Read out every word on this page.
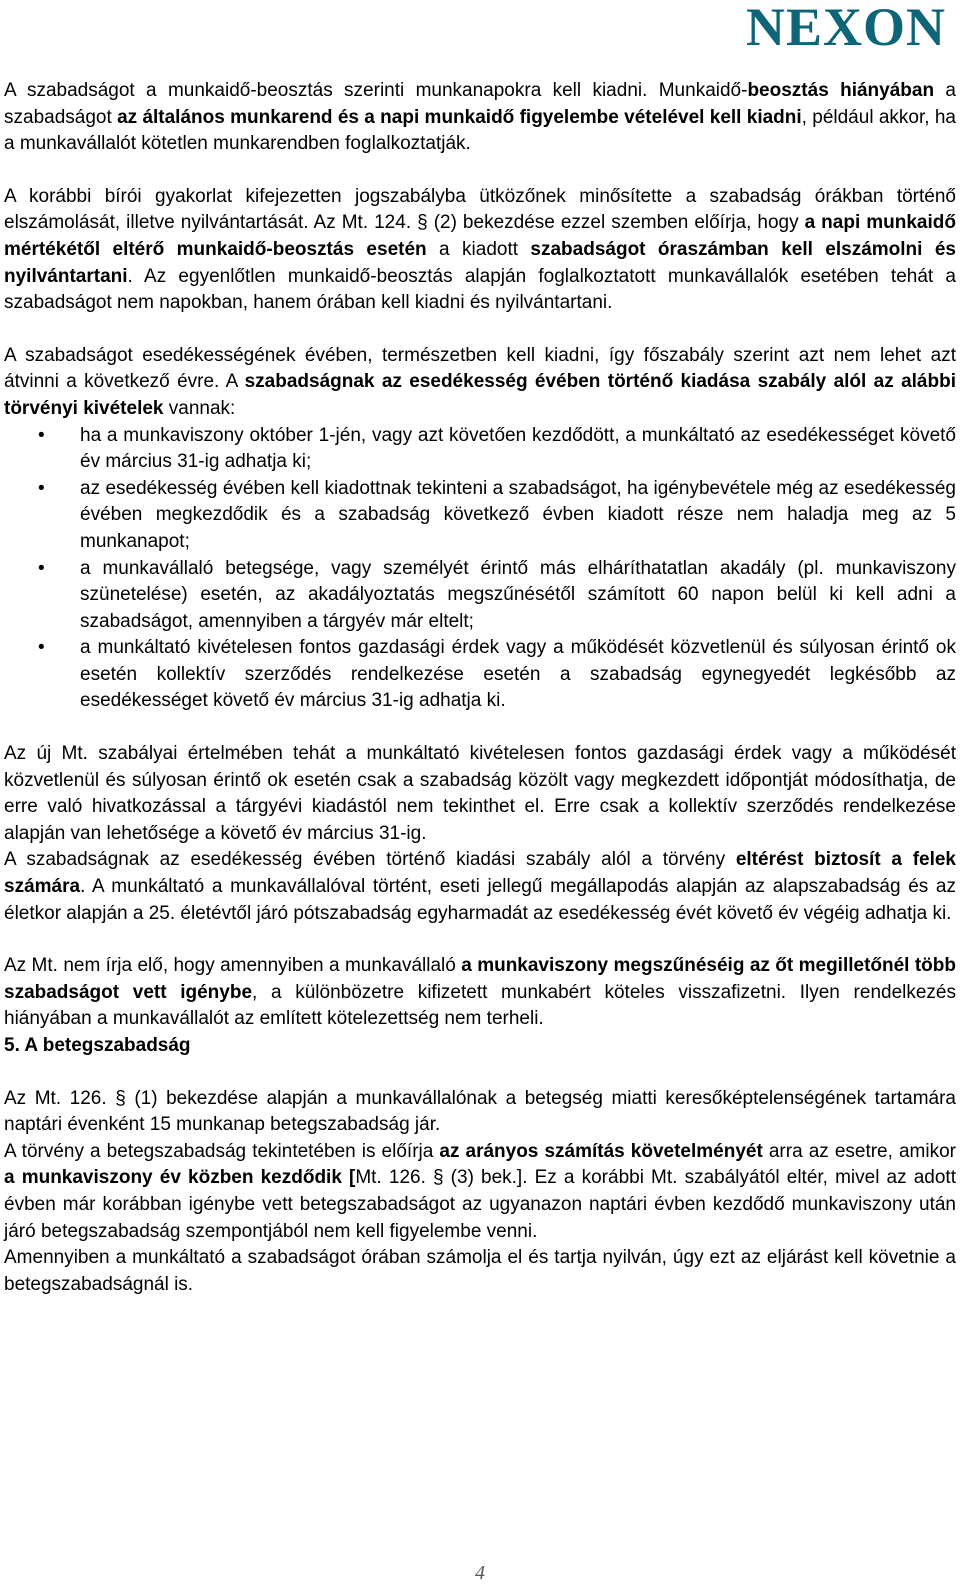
NEXON

A szabadságot a munkaidő-beosztás szerinti munkanapokra kell kiadni. Munkaidő-beosztás hiányában a szabadságot az általános munkarend és a napi munkaidő figyelembe vételével kell kiadni, például akkor, ha a munkavállalót kötetlen munkarendben foglalkoztatják.

A korábbi bírói gyakorlat kifejezetten jogszabályba ütközőnek minősítette a szabadság órákban történő elszámolását, illetve nyilvántartását. Az Mt. 124. § (2) bekezdése ezzel szemben előírja, hogy a napi munkaidő mértékétől eltérő munkaidő-beosztás esetén a kiadott szabadságot óraszámban kell elszámolni és nyilvántartani. Az egyenlőtlen munkaidő-beosztás alapján foglalkoztatott munkavállalók esetében tehát a szabadságot nem napokban, hanem órában kell kiadni és nyilvántartani.

A szabadságot esedékességének évében, természetben kell kiadni, így főszabály szerint azt nem lehet azt átvinni a következő évre. A szabadságnak az esedékesség évében történő kiadása szabály alól az alábbi törvényi kivételek vannak:

• ha a munkaviszony október 1-jén, vagy azt követően kezdődött, a munkáltató az esedékességet követő év március 31-ig adhatja ki;
• az esedékesség évében kell kiadottnak tekinteni a szabadságot, ha igénybevétele még az esedékesség évében megkezdődik és a szabadság következő évben kiadott része nem haladja meg az 5 munkanapot;
• a munkavállaló betegsége, vagy személyét érintő más elháríthatatlan akadály (pl. munkaviszony szünetelése) esetén, az akadályoztatás megszűnésétől számított 60 napon belül ki kell adni a szabadságot, amennyiben a tárgyév már eltelt;
• a munkáltató kivételesen fontos gazdasági érdek vagy a működését közvetlenül és súlyosan érintő ok esetén kollektív szerződés rendelkezése esetén a szabadság egynegyedét legkésőbb az esedékességet követő év március 31-ig adhatja ki.

Az új Mt. szabályai értelmében tehát a munkáltató kivételesen fontos gazdasági érdek vagy a működését közvetlenül és súlyosan érintő ok esetén csak a szabadság közölt vagy megkezdett időpontját módosíthatja, de erre való hivatkozással a tárgyévi kiadástól nem tekinthet el. Erre csak a kollektív szerződés rendelkezése alapján van lehetősége a követő év március 31-ig.

A szabadságnak az esedékesség évében történő kiadási szabály alól a törvény eltérést biztosít a felek számára. A munkáltató a munkavállalóval történt, eseti jellegű megállapodás alapján az alapszabadság és az életkor alapján a 25. életévtől járó pótszabadság egyharmadát az esedékesség évét követő év végéig adhatja ki.

Az Mt. nem írja elő, hogy amennyiben a munkavállaló a munkaviszony megszűnéséig az őt megilletőnél több szabadságot vett igénybe, a különbözetre kifizetett munkabért köteles visszafizetni. Ilyen rendelkezés hiányában a munkavállalót az említett kötelezettség nem terheli.

5. A betegszabadság

Az Mt. 126. § (1) bekezdése alapján a munkavállalónak a betegség miatti keresőképtelenségének tartamára naptári évenként 15 munkanap betegszabadság jár.

A törvény a betegszabadság tekintetében is előírja az arányos számítás követelményét arra az esetre, amikor a munkaviszony év közben kezdődik [Mt. 126. § (3) bek.]. Ez a korábbi Mt. szabályától eltér, mivel az adott évben már korábban igénybe vett betegszabadságot az ugyanazon naptári évben kezdődő munkaviszony után járó betegszabadság szempontjából nem kell figyelembe venni.

Amennyiben a munkáltató a szabadságot órában számolja el és tartja nyilván, úgy ezt az eljárást kell követnie a betegszabadságnál is.

4
